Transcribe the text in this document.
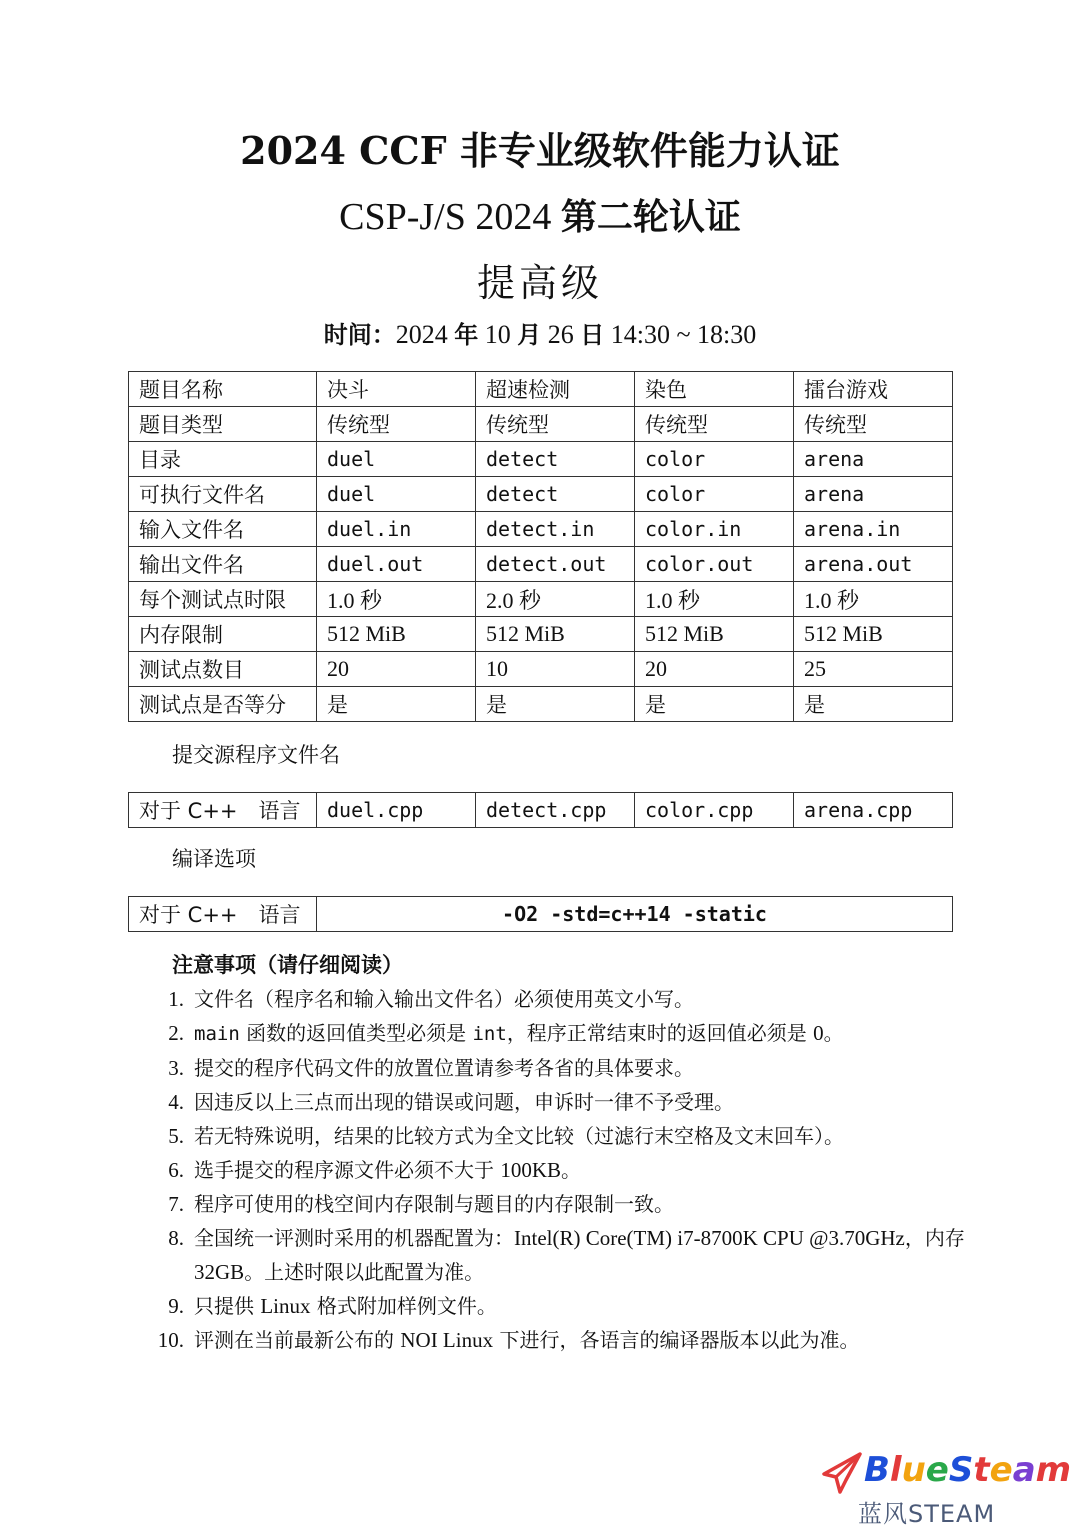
2024 CCF 非专业级软件能力认证
CSP-J/S 2024 第二轮认证
提高级
时间：2024 年 10 月 26 日 14:30 ~ 18:30
题目名称	决斗	超速检测	染色	擂台游戏
题目类型	传统型	传统型	传统型	传统型
目录	duel	detect	color	arena
可执行文件名	duel	detect	color	arena
输入文件名	duel.in	detect.in	color.in	arena.in
输出文件名	duel.out	detect.out	color.out	arena.out
每个测试点时限	1.0 秒	2.0 秒	1.0 秒	1.0 秒
内存限制	512 MiB	512 MiB	512 MiB	512 MiB
测试点数目	20	10	20	25
测试点是否等分	是	是	是	是
提交源程序文件名
对于 C++　语言	duel.cpp	detect.cpp	color.cpp	arena.cpp
编译选项
对于 C++　语言	-O2 -std=c++14 -static
注意事项（请仔细阅读）
1. 文件名（程序名和输入输出文件名）必须使用英文小写。
2. main 函数的返回值类型必须是 int，程序正常结束时的返回值必须是 0。
3. 提交的程序代码文件的放置位置请参考各省的具体要求。
4. 因违反以上三点而出现的错误或问题，申诉时一律不予受理。
5. 若无特殊说明，结果的比较方式为全文比较（过滤行末空格及文末回车）。
6. 选手提交的程序源文件必须不大于 100KB。
7. 程序可使用的栈空间内存限制与题目的内存限制一致。
8. 全国统一评测时采用的机器配置为：Intel(R) Core(TM) i7-8700K CPU @3.70GHz，内存 32GB。上述时限以此配置为准。
9. 只提供 Linux 格式附加样例文件。
10. 评测在当前最新公布的 NOI Linux 下进行，各语言的编译器版本以此为准。
BlueSteam
蓝风STEAM
